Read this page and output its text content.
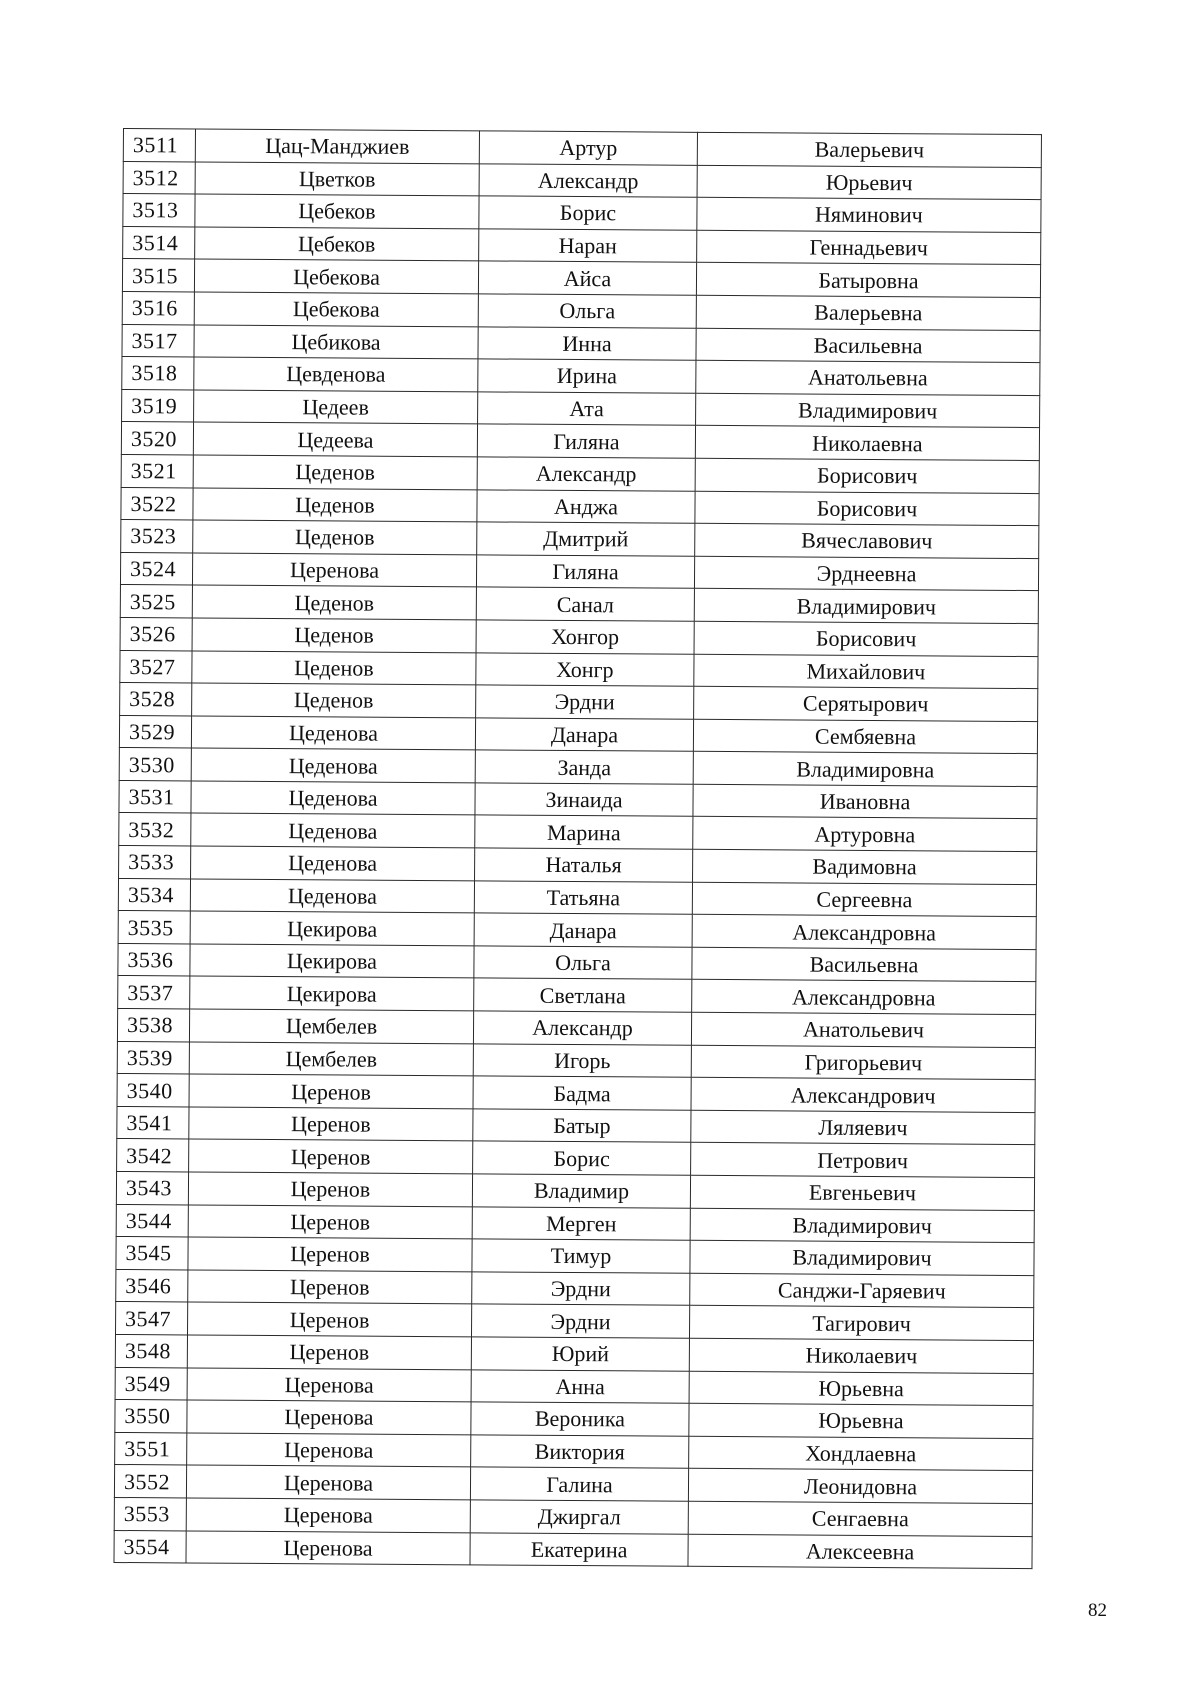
3511	Цац-Манджиев	Артур	Валерьевич
3512	Цветков	Александр	Юрьевич
3513	Цебеков	Борис	Няминович
3514	Цебеков	Наран	Геннадьевич
3515	Цебекова	Айса	Батыровна
3516	Цебекова	Ольга	Валерьевна
3517	Цебикова	Инна	Васильевна
3518	Цевденова	Ирина	Анатольевна
3519	Цедеев	Ата	Владимирович
3520	Цедеева	Гиляна	Николаевна
3521	Цеденов	Александр	Борисович
3522	Цеденов	Анджа	Борисович
3523	Цеденов	Дмитрий	Вячеславович
3524	Церенова	Гиляна	Эрднеевна
3525	Цеденов	Санал	Владимирович
3526	Цеденов	Хонгор	Борисович
3527	Цеденов	Хонгр	Михайлович
3528	Цеденов	Эрдни	Серятырович
3529	Цеденова	Данара	Сембяевна
3530	Цеденова	Занда	Владимировна
3531	Цеденова	Зинаида	Ивановна
3532	Цеденова	Марина	Артуровна
3533	Цеденова	Наталья	Вадимовна
3534	Цеденова	Татьяна	Сергеевна
3535	Цекирова	Данара	Александровна
3536	Цекирова	Ольга	Васильевна
3537	Цекирова	Светлана	Александровна
3538	Цембелев	Александр	Анатольевич
3539	Цембелев	Игорь	Григорьевич
3540	Церенов	Бадма	Александрович
3541	Церенов	Батыр	Ляляевич
3542	Церенов	Борис	Петрович
3543	Церенов	Владимир	Евгеньевич
3544	Церенов	Мерген	Владимирович
3545	Церенов	Тимур	Владимирович
3546	Церенов	Эрдни	Санджи-Гаряевич
3547	Церенов	Эрдни	Тагирович
3548	Церенов	Юрий	Николаевич
3549	Церенова	Анна	Юрьевна
3550	Церенова	Вероника	Юрьевна
3551	Церенова	Виктория	Хондлаевна
3552	Церенова	Галина	Леонидовна
3553	Церенова	Джиргал	Сенгаевна
3554	Церенова	Екатерина	Алексеевна
82
